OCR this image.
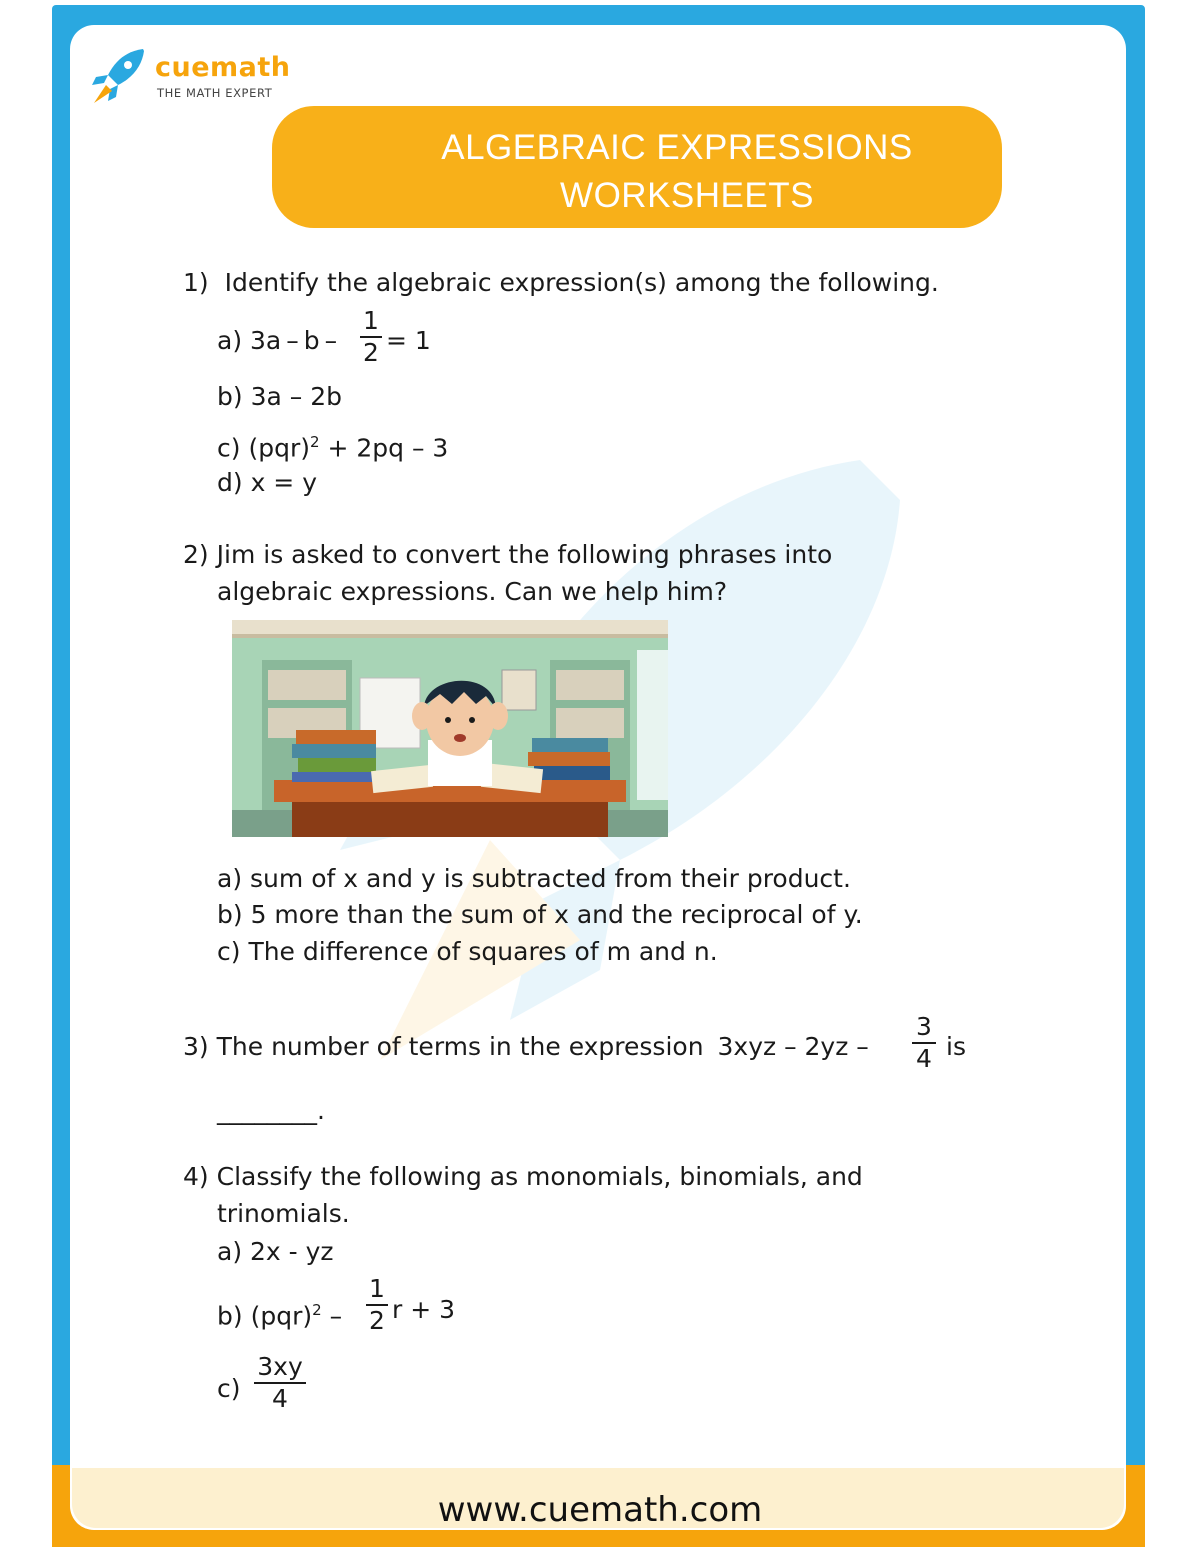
cuemath
THE MATH EXPERT
ALGEBRAIC EXPRESSIONS
WORKSHEETS
1) Identify the algebraic expression(s) among the following.
a) 3a – b –
1
2 = 1
b) 3a – 2b
c) (pqr)$^2$ + 2pq – 3
d) x = y
2) Jim is asked to convert the following phrases into
algebraic expressions. Can we help him?
a) sum of x and y is subtracted from their product.
b) 5 more than the sum of x and the reciprocal of y.
c) The difference of squares of m and n.
3) The number of terms in the expression 3xyz – 2yz –
3
4 is
________.
4) Classify the following as monomials, binomials, and
trinomials.
a) 2x - yz
b) (pqr)$^2$ –
1
2 r + 3
c)
3xy
4
www.cuemath.com
